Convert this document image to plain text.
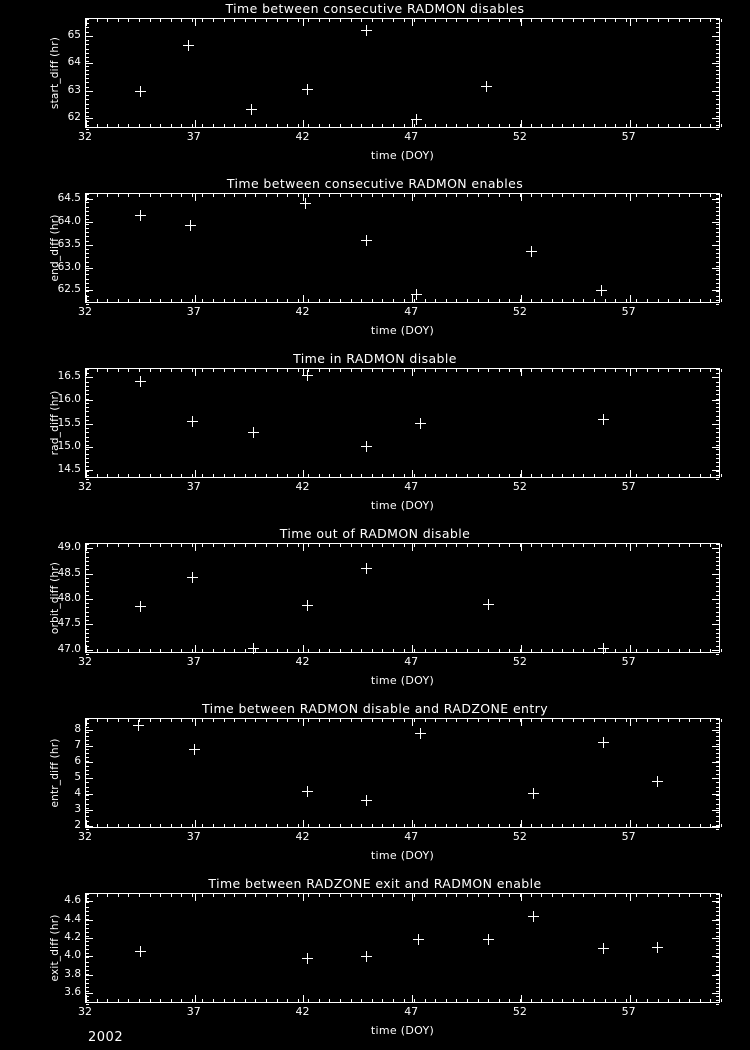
Time between consecutive RADMON disables
start_diff (hr)
time (DOY)
62
63
64
65
32	37	42	47	52	57
Time between consecutive RADMON enables
end_diff (hr)
time (DOY)
62.5
63.0
63.5
64.0
64.5
32	37	42	47	52	57
Time in RADMON disable
rad_diff (hr)
time (DOY)
14.5
15.0
15.5
16.0
16.5
32	37	42	47	52	57
Time out of RADMON disable
orbit_diff (hr)
time (DOY)
47.0
47.5
48.0
48.5
49.0
32	37	42	47	52	57
Time between RADMON disable and RADZONE entry
entr_diff (hr)
time (DOY)
2
3
4
5
6
7
8
32	37	42	47	52	57
Time between RADZONE exit and RADMON enable
exit_diff (hr)
time (DOY)
3.6
3.8
4.0
4.2
4.4
4.6
32	37	42	47	52	57
2002
